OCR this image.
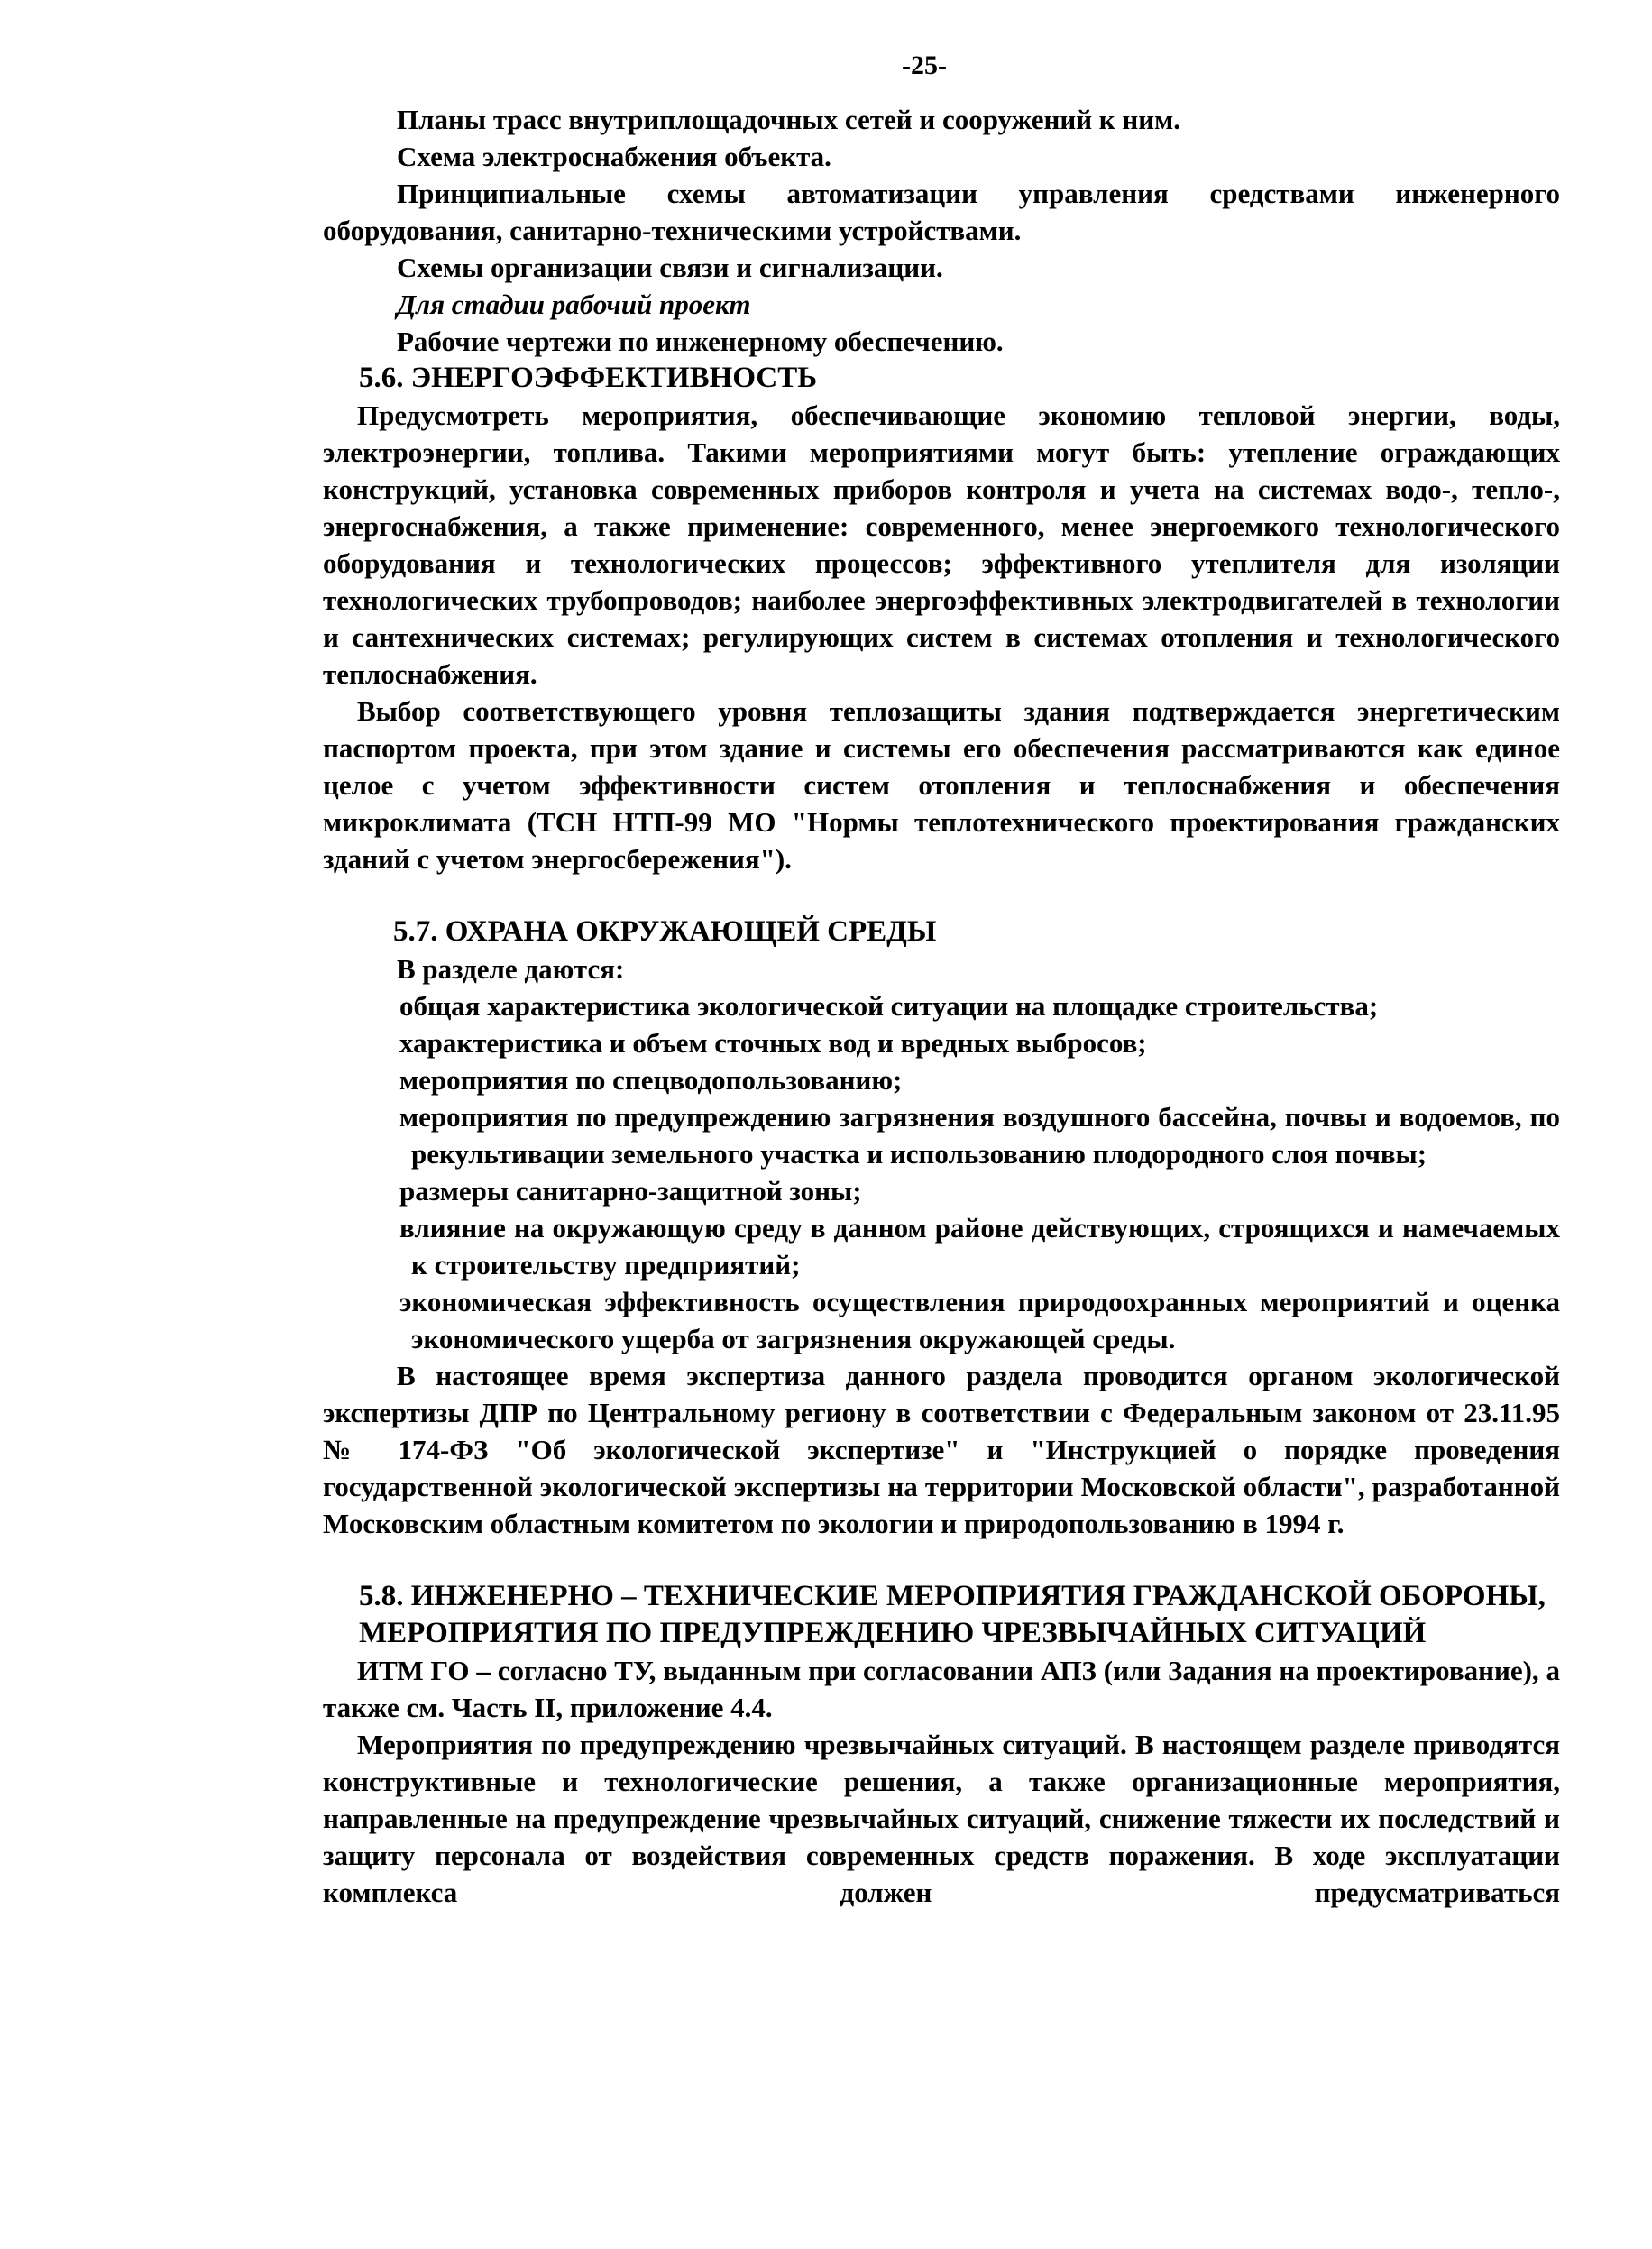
-25-

Планы трасс внутриплощадочных сетей и сооружений к ним.

Схема электроснабжения объекта.

Принципиальные схемы автоматизации управления средствами инженерного оборудования, санитарно-техническими устройствами.

Схемы организации связи и сигнализации.

Для стадии рабочий проект

Рабочие чертежи по инженерному обеспечению.

5.6. ЭНЕРГОЭФФЕКТИВНОСТЬ

Предусмотреть мероприятия, обеспечивающие экономию тепловой энергии, воды, электроэнергии, топлива. Такими мероприятиями могут быть: утепление ограждающих конструкций, установка современных приборов контроля и учета на системах водо-, тепло-, энергоснабжения, а также применение: современного, менее энергоемкого технологического оборудования и технологических процессов; эффективного утеплителя для изоляции технологических трубопроводов; наиболее энергоэффективных электродвигателей в технологии и сантехнических системах; регулирующих систем в системах отопления и технологического теплоснабжения.

Выбор соответствующего уровня теплозащиты здания подтверждается энергетическим паспортом проекта, при этом здание и системы его обеспечения рассматриваются как единое целое с учетом эффективности систем отопления и теплоснабжения и обеспечения микроклимата (ТСН НТП-99 МО "Нормы теплотехнического проектирования гражданских зданий с учетом энергосбережения").

5.7. ОХРАНА ОКРУЖАЮЩЕЙ СРЕДЫ

В разделе даются:

общая характеристика экологической ситуации на площадке строительства;

характеристика и объем сточных вод и вредных выбросов;

мероприятия по спецводопользованию;

мероприятия по предупреждению загрязнения воздушного бассейна, почвы и водоемов, по рекультивации земельного участка и использованию плодородного слоя почвы;

размеры санитарно-защитной зоны;

влияние на окружающую среду в данном районе действующих, строящихся и намечаемых к строительству предприятий;

экономическая эффективность осуществления природоохранных мероприятий и оценка экономического ущерба от загрязнения окружающей среды.

В настоящее время экспертиза данного раздела проводится органом экологической экспертизы ДПР по Центральному региону в соответствии с Федеральным законом от 23.11.95 № 174-ФЗ "Об экологической экспертизе" и "Инструкцией о порядке проведения государственной экологической экспертизы на территории Московской области", разработанной Московским областным комитетом по экологии и природопользованию в 1994 г.

5.8. ИНЖЕНЕРНО – ТЕХНИЧЕСКИЕ МЕРОПРИЯТИЯ ГРАЖДАНСКОЙ ОБОРОНЫ, МЕРОПРИЯТИЯ ПО ПРЕДУПРЕЖДЕНИЮ ЧРЕЗВЫЧАЙНЫХ СИТУАЦИЙ

ИТМ ГО – согласно ТУ, выданным при согласовании АПЗ (или Задания на проектирование), а также см. Часть II, приложение 4.4.

Мероприятия по предупреждению чрезвычайных ситуаций. В настоящем разделе приводятся конструктивные и технологические решения, а также организационные мероприятия, направленные на предупреждение чрезвычайных ситуаций, снижение тяжести их последствий и защиту персонала от воздействия современных средств поражения. В ходе эксплуатации комплекса должен предусматриваться
